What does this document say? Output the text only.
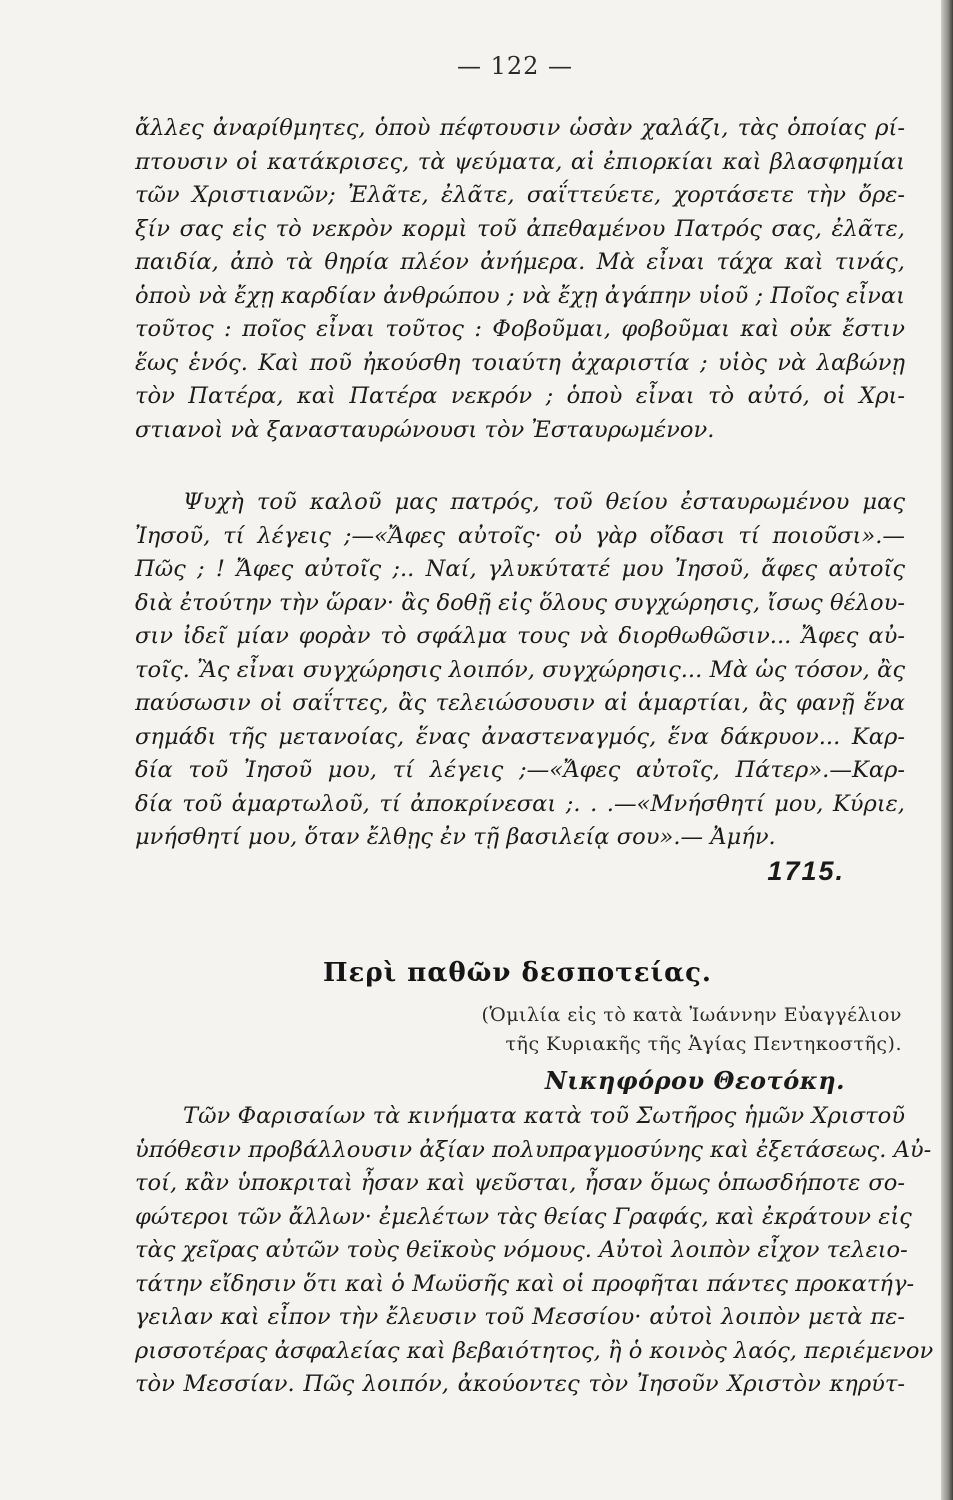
— 122 —
ἄλλες ἀναρίθμητες, ὁποὺ πέφτουσιν ὡσὰν χαλάζι, τὰς ὁποίας ρί-
πτουσιν οἱ κατάκρισες, τὰ ψεύματα, αἱ ἐπιορκίαι καὶ βλασφημίαι
τῶν Χριστιανῶν; Ἐλᾶτε, ἐλᾶτε, σαΐττεύετε, χορτάσετε τὴν ὄρε-
ξίν σας εἰς τὸ νεκρὸν κορμὶ τοῦ ἀπεθαμένου Πατρός σας, ἐλᾶτε,
παιδία, ἀπὸ τὰ θηρία πλέον ἀνήμερα. Μὰ εἶναι τάχα καὶ τινάς,
ὁποὺ νὰ ἔχῃ καρδίαν ἀνθρώπου ; νὰ ἔχῃ ἀγάπην υἱοῦ ; Ποῖος εἶναι
τοῦτος : ποῖος εἶναι τοῦτος : Φοβοῦμαι, φοβοῦμαι καὶ οὐκ ἔστιν
ἕως ἑνός. Καὶ ποῦ ἠκούσθη τοιαύτη ἀχαριστία ; υἱὸς νὰ λαβώνῃ
τὸν Πατέρα, καὶ Πατέρα νεκρόν ; ὁποὺ εἶναι τὸ αὐτό, οἱ Χρι-
στιανοὶ νὰ ξανασταυρώνουσι τὸν Ἐσταυρωμένον.
Ψυχὴ τοῦ καλοῦ μας πατρός, τοῦ θείου ἐσταυρωμένου μας
Ἰησοῦ, τί λέγεις ;—«Ἄφες αὐτοῖς· οὐ γὰρ οἴδασι τί ποιοῦσι».—
Πῶς ; ! Ἄφες αὐτοῖς ;.. Ναί, γλυκύτατέ μου Ἰησοῦ, ἄφες αὐτοῖς
διὰ ἐτούτην τὴν ὥραν· ἂς δοθῇ εἰς ὅλους συγχώρησις, ἴσως θέλου-
σιν ἰδεῖ μίαν φορὰν τὸ σφάλμα τους νὰ διορθωθῶσιν... Ἄφες αὐ-
τοῖς. Ἂς εἶναι συγχώρησις λοιπόν, συγχώρησις... Μὰ ὡς τόσον, ἂς
παύσωσιν οἱ σαΐττες, ἂς τελειώσουσιν αἱ ἁμαρτίαι, ἂς φανῇ ἕνα
σημάδι τῆς μετανοίας, ἕνας ἀναστεναγμός, ἕνα δάκρυον... Καρ-
δία τοῦ Ἰησοῦ μου, τί λέγεις ;—«Ἄφες αὐτοῖς, Πάτερ».—Καρ-
δία τοῦ ἁμαρτωλοῦ, τί ἀποκρίνεσαι ;. . .—«Μνήσθητί μου, Κύριε,
μνήσθητί μου, ὅταν ἔλθῃς ἐν τῇ βασιλείᾳ σου».— Ἀμήν.
1715.
Περὶ παθῶν δεσποτείας.
(Ὁμιλία εἰς τὸ κατὰ Ἰωάννην Εὐαγγέλιον
τῆς Κυριακῆς τῆς Ἁγίας Πεντηκοστῆς).
Νικηφόρου Θεοτόκη.
Τῶν Φαρισαίων τὰ κινήματα κατὰ τοῦ Σωτῆρος ἡμῶν Χριστοῦ
ὑπόθεσιν προβάλλουσιν ἀξίαν πολυπραγμοσύνης καὶ ἐξετάσεως. Αὐ-
τοί, κἂν ὑποκριταὶ ἦσαν καὶ ψεῦσται, ἦσαν ὅμως ὁπωσδήποτε σο-
φώτεροι τῶν ἄλλων· ἐμελέτων τὰς θείας Γραφάς, καὶ ἐκράτουν εἰς
τὰς χεῖρας αὐτῶν τοὺς θεϊκοὺς νόμους. Αὐτοὶ λοιπὸν εἶχον τελειο-
τάτην εἴδησιν ὅτι καὶ ὁ Μωϋσῆς καὶ οἱ προφῆται πάντες προκατήγ-
γειλαν καὶ εἶπον τὴν ἔλευσιν τοῦ Μεσσίου· αὐτοὶ λοιπὸν μετὰ πε-
ρισσοτέρας ἀσφαλείας καὶ βεβαιότητος, ἢ ὁ κοινὸς λαός, περιέμενον
τὸν Μεσσίαν. Πῶς λοιπόν, ἀκούοντες τὸν Ἰησοῦν Χριστὸν κηρύτ-
